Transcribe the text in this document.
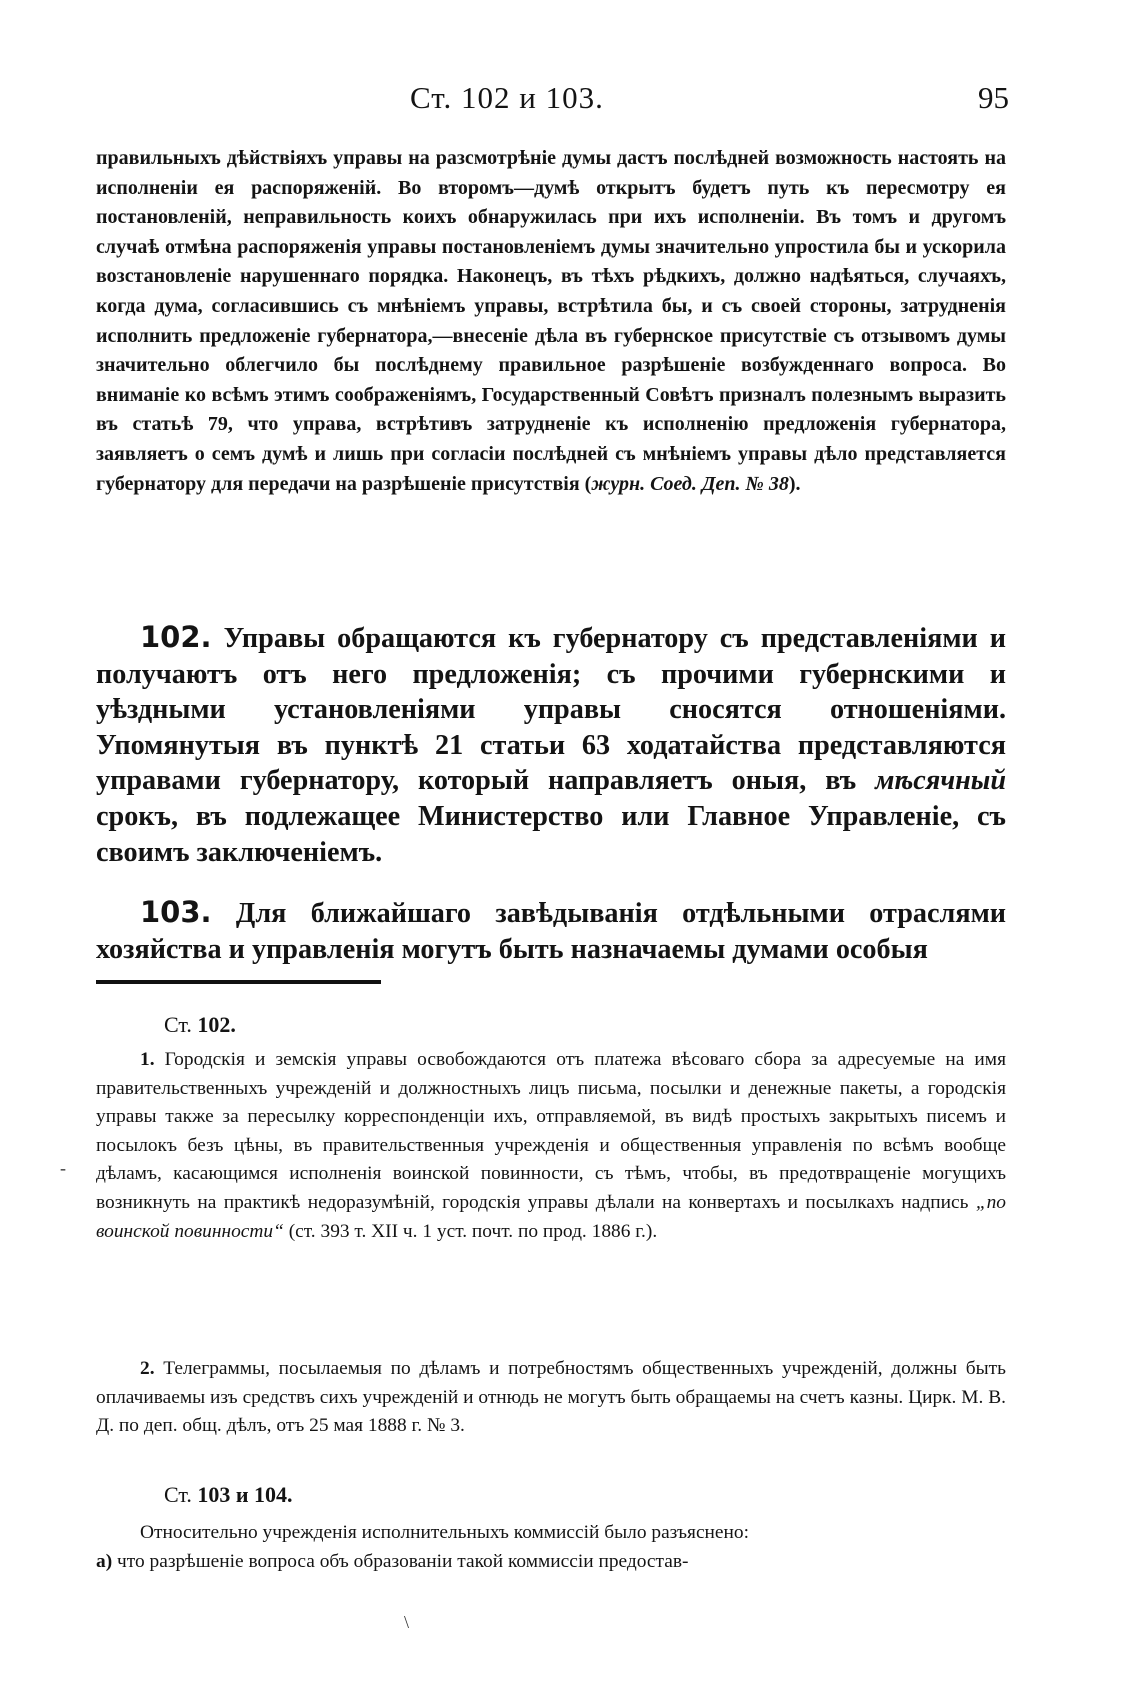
Ст. 102 и 103.	95
правильныхъ дѣйствіяхъ управы на разсмотрѣніе думы дастъ послѣдней возможность настоять на исполненіи ея распоряженій. Во второмъ—думѣ открытъ будетъ путь къ пересмотру ея постановленій, неправильность коихъ обнаружилась при ихъ исполненіи. Въ томъ и другомъ случаѣ отмѣна распоряженія управы постановленіемъ думы значительно упростила бы и ускорила возстановленіе нарушеннаго порядка. Наконецъ, въ тѣхъ рѣдкихъ, должно надѣяться, случаяхъ, когда дума, согласившись съ мнѣніемъ управы, встрѣтила бы, и съ своей стороны, затрудненія исполнить предложеніе губернатора,—внесеніе дѣла въ губернское присутствіе съ отзывомъ думы значительно облегчило бы послѣднему правильное разрѣшеніе возбужденнаго вопроса. Во вниманіе ко всѣмъ этимъ соображеніямъ, Государственный Совѣтъ призналъ полезнымъ выразить въ статьѣ 79, что управа, встрѣтивъ затрудненіе къ исполненію предложенія губернатора, заявляетъ о семъ думѣ и лишь при согласіи послѣдней съ мнѣніемъ управы дѣло представляется губернатору для передачи на разрѣшеніе присутствія (журн. Соед. Деп. № 38).
102. Управы обращаются къ губернатору съ представленіями и получаютъ отъ него предложенія; съ прочими губернскими и уѣздными установленіями управы сносятся отношеніями. Упомянутыя въ пунктѣ 21 статьи 63 ходатайства представляются управами губернатору, который направляетъ оныя, въ мѣсячный срокъ, въ подлежащее Министерство или Главное Управленіе, съ своимъ заключеніемъ.
103. Для ближайшаго завѣдыванія отдѣльными отраслями хозяйства и управленія могутъ быть назначаемы думами особыя
Ст. 102.
1. Городскія и земскія управы освобождаются отъ платежа вѣсоваго сбора за адресуемые на имя правительственныхъ учрежденій и должностныхъ лицъ письма, посылки и денежные пакеты, а городскія управы также за пересылку корреспонденціи ихъ, отправляемой, въ видѣ простыхъ закрытыхъ писемъ и посылокъ безъ цѣны, въ правительственныя учрежденія и общественныя управленія по всѣмъ вообще дѣламъ, касающимся исполненія воинской повинности, съ тѣмъ, чтобы, въ предотвращеніе могущихъ возникнуть на практикѣ недоразумѣній, городскія управы дѣлали на конвертахъ и посылкахъ надпись „по воинской повинности“ (ст. 393 т. XII ч. 1 уст. почт. по прод. 1886 г.).
2. Телеграммы, посылаемыя по дѣламъ и потребностямъ общественныхъ учрежденій, должны быть оплачиваемы изъ средствъ сихъ учрежденій и отнюдь не могутъ быть обращаемы на счетъ казны. Цирк. М. В. Д. по деп. общ. дѣлъ, отъ 25 мая 1888 г. № 3.
Ст. 103 и 104.
Относительно учрежденія исполнительныхъ коммиссій было разъяснено:
а) что разрѣшеніе вопроса объ образованіи такой коммиссіи предостав-
-
\
